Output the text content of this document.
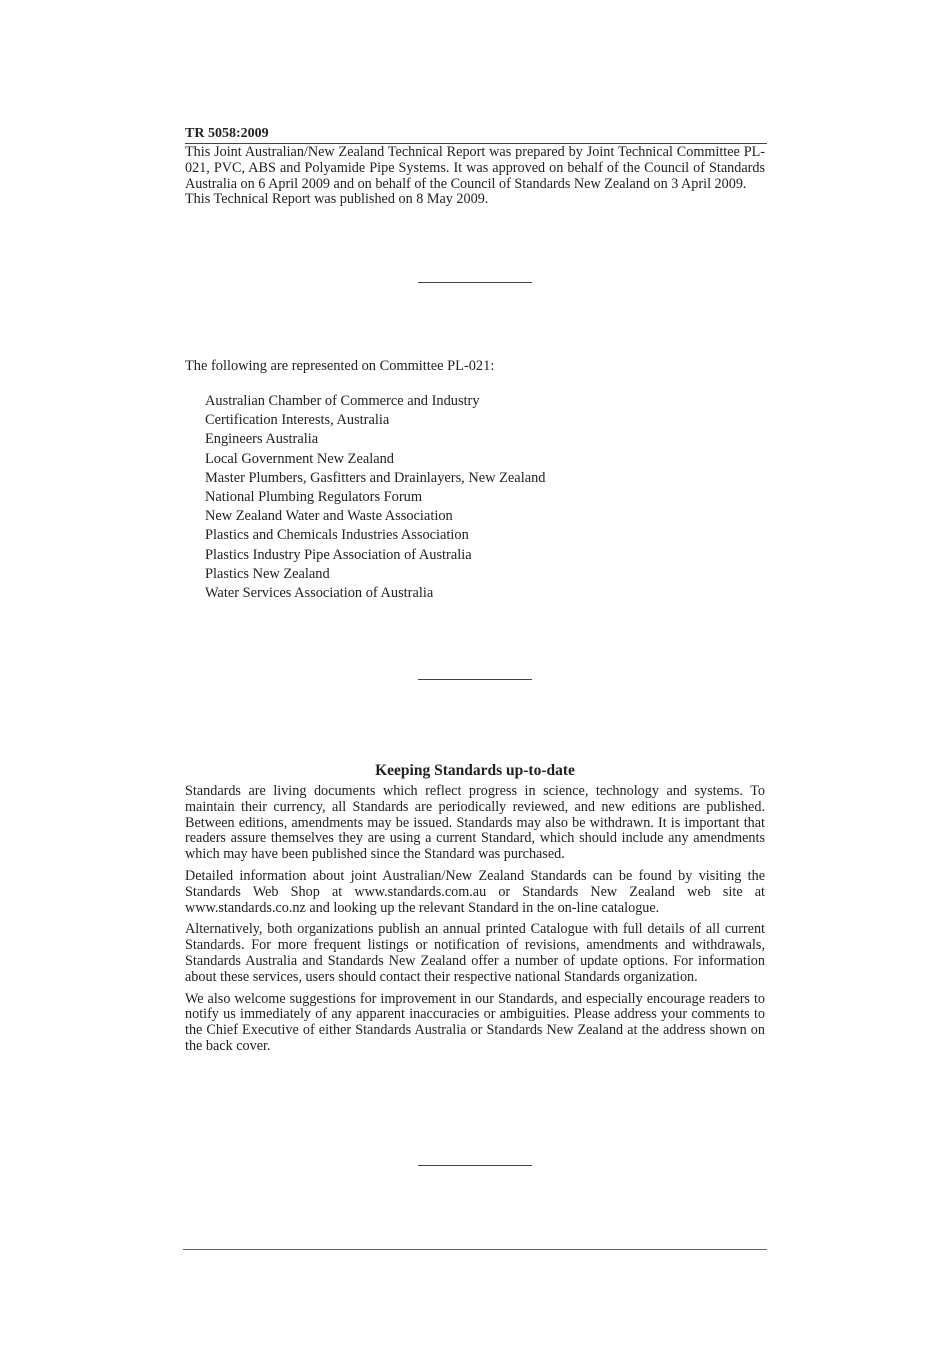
TR 5058:2009

This Joint Australian/New Zealand Technical Report was prepared by Joint Technical Committee PL-021, PVC, ABS and Polyamide Pipe Systems. It was approved on behalf of the Council of Standards Australia on 6 April 2009 and on behalf of the Council of Standards New Zealand on 3 April 2009.

This Technical Report was published on 8 May 2009.

The following are represented on Committee PL-021:
Australian Chamber of Commerce and Industry
Certification Interests, Australia
Engineers Australia
Local Government New Zealand
Master Plumbers, Gasfitters and Drainlayers, New Zealand
National Plumbing Regulators Forum
New Zealand Water and Waste Association
Plastics and Chemicals Industries Association
Plastics Industry Pipe Association of Australia
Plastics New Zealand
Water Services Association of Australia
Keeping Standards up-to-date

Standards are living documents which reflect progress in science, technology and systems. To maintain their currency, all Standards are periodically reviewed, and new editions are published. Between editions, amendments may be issued. Standards may also be withdrawn. It is important that readers assure themselves they are using a current Standard, which should include any amendments which may have been published since the Standard was purchased.

Detailed information about joint Australian/New Zealand Standards can be found by visiting the Standards Web Shop at www.standards.com.au or Standards New Zealand web site at www.standards.co.nz and looking up the relevant Standard in the on-line catalogue.

Alternatively, both organizations publish an annual printed Catalogue with full details of all current Standards. For more frequent listings or notification of revisions, amendments and withdrawals, Standards Australia and Standards New Zealand offer a number of update options. For information about these services, users should contact their respective national Standards organization.

We also welcome suggestions for improvement in our Standards, and especially encourage readers to notify us immediately of any apparent inaccuracies or ambiguities. Please address your comments to the Chief Executive of either Standards Australia or Standards New Zealand at the address shown on the back cover.
